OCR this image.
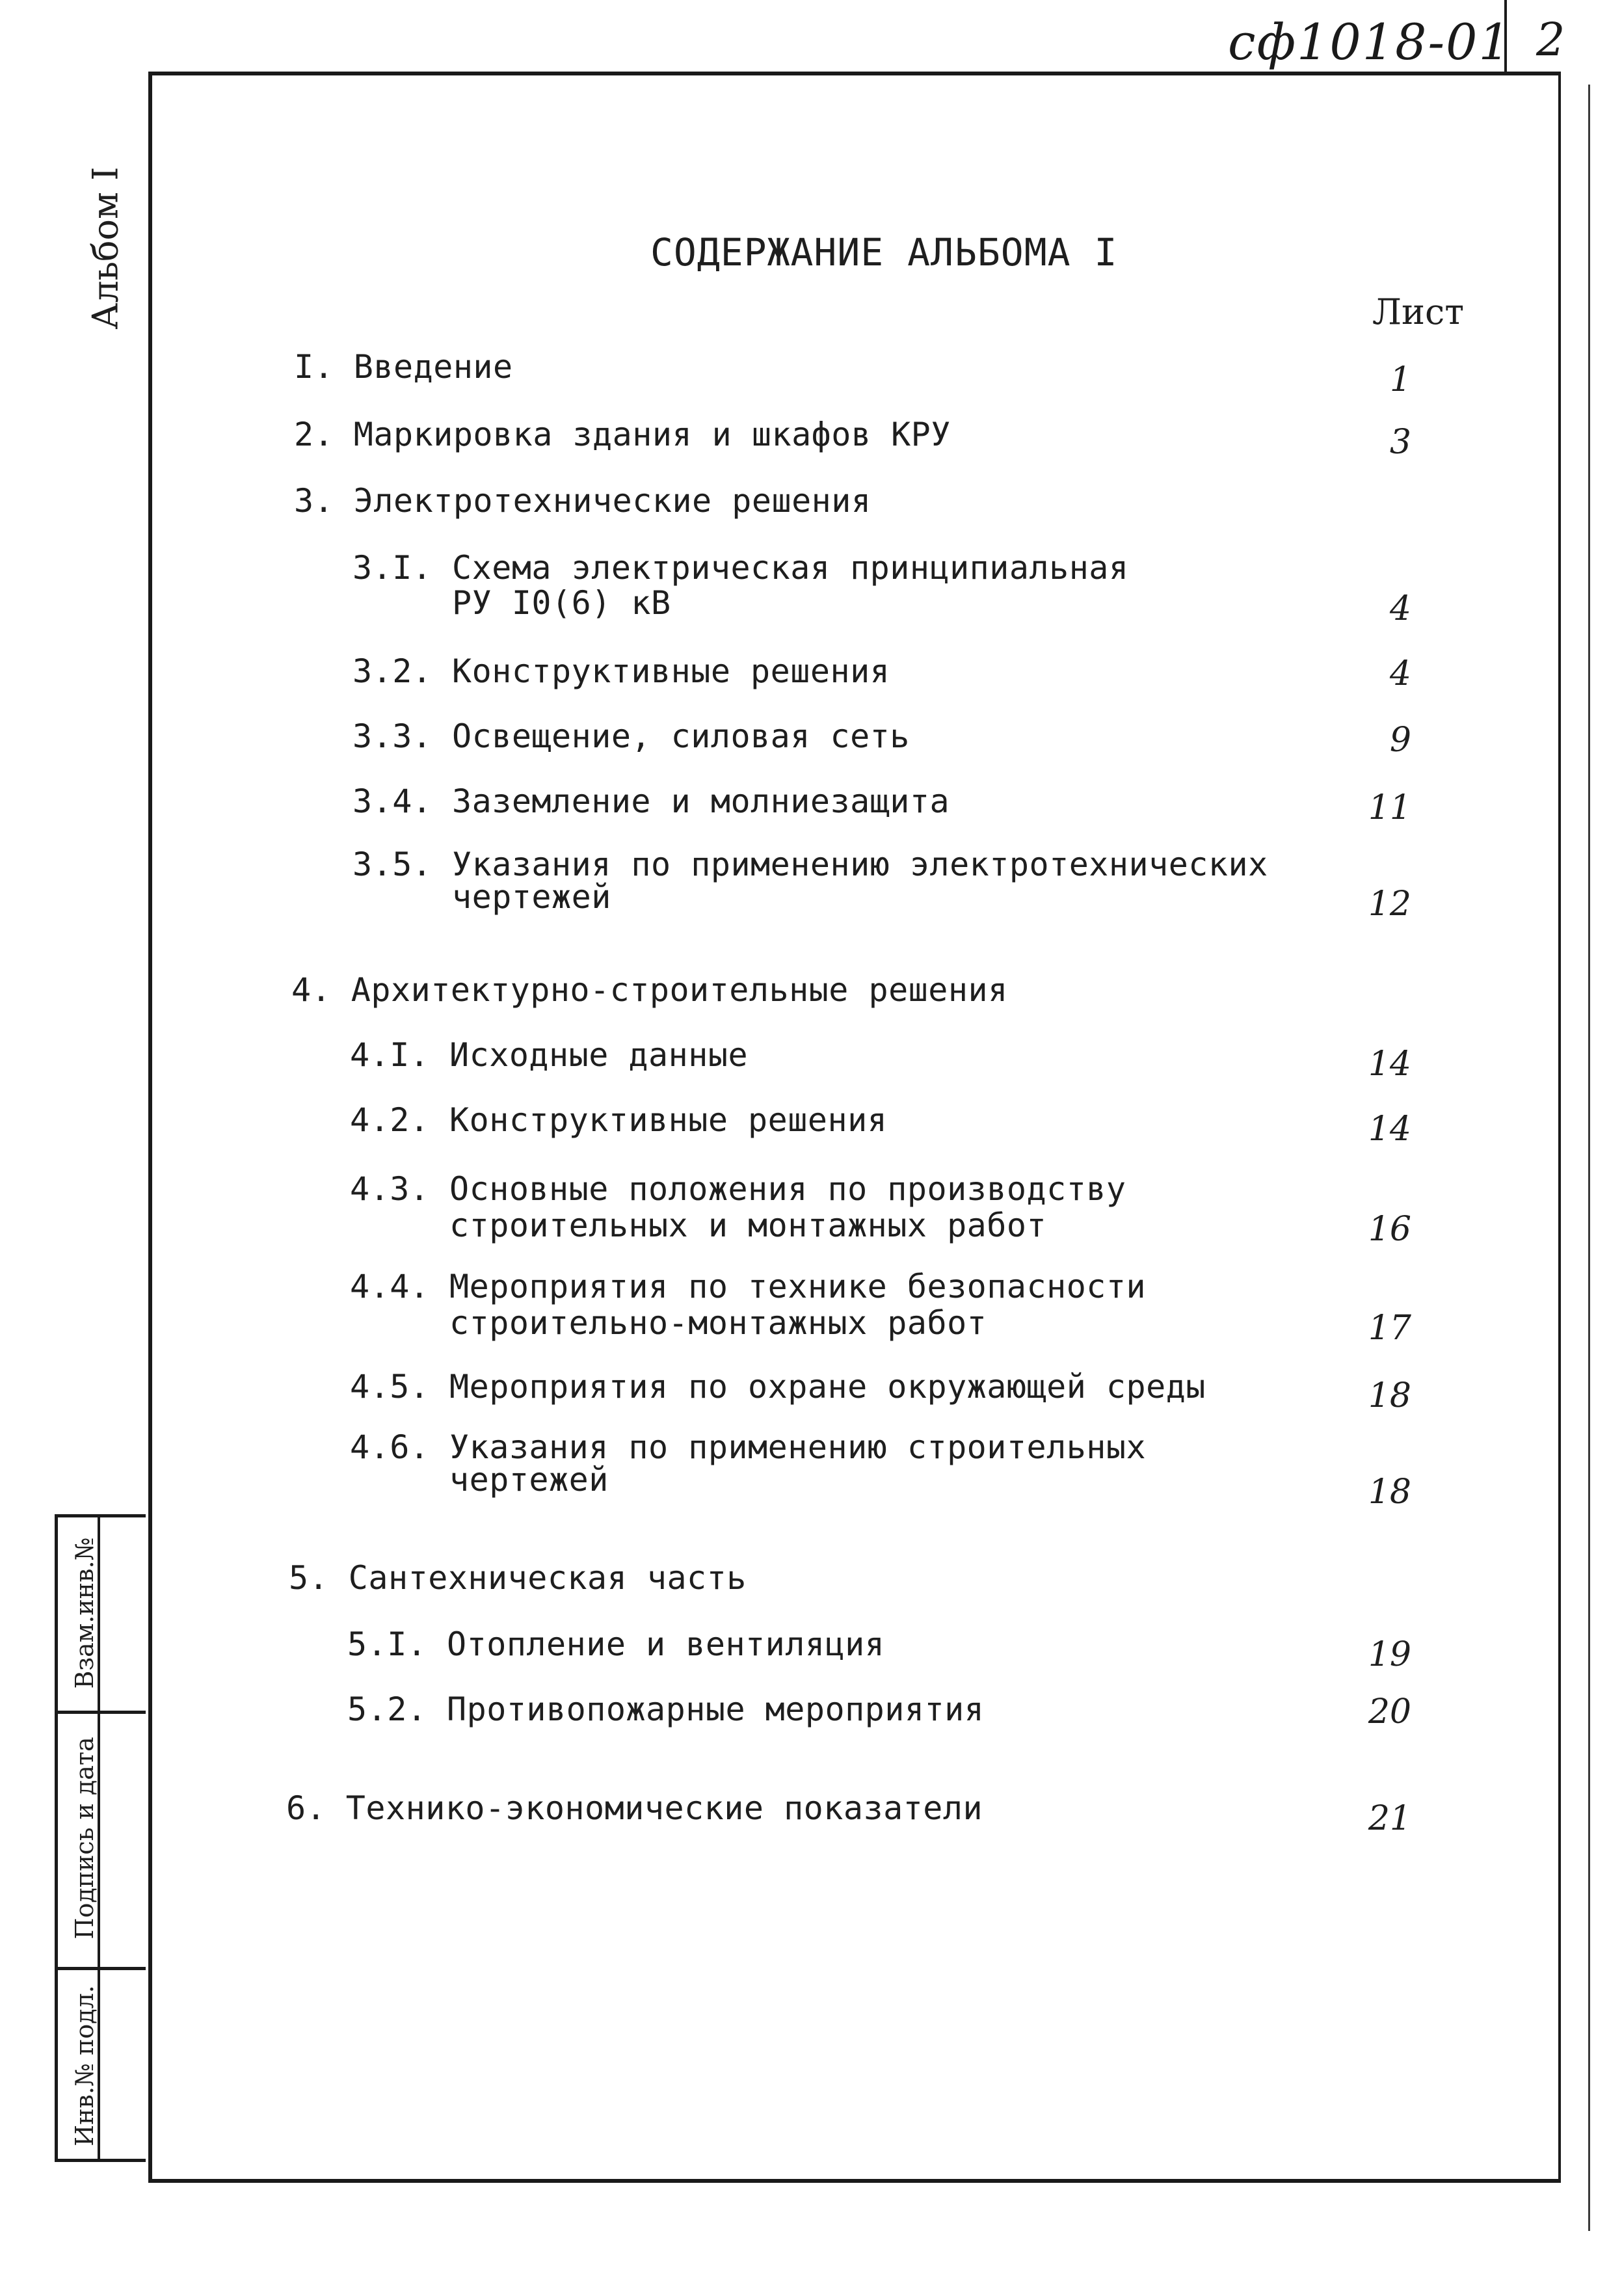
сф1018-01 2
Альбом I
Взам.инв.№
Подпись и дата
Инв.№ подл.
СОДЕРЖАНИЕ АЛЬБОМА I
Лист
I. Введение	1
2. Маркировка здания и шкафов КРУ	3
3. Электротехнические решения
3.I. Схема электрическая принципиальная
РУ I0(6) кВ	4
3.2. Конструктивные решения	4
3.3. Освещение, силовая сеть	9
3.4. Заземление и молниезащита	11
3.5. Указания по применению электротехнических
чертежей	12
4. Архитектурно-строительные решения
4.I. Исходные данные	14
4.2. Конструктивные решения	14
4.3. Основные положения по производству
строительных и монтажных работ	16
4.4. Мероприятия по технике безопасности
строительно-монтажных работ	17
4.5. Мероприятия по охране окружающей среды	18
4.6. Указания по применению строительных
чертежей	18
5. Сантехническая часть
5.I. Отопление и вентиляция	19
5.2. Противопожарные мероприятия	20
6. Технико-экономические показатели	21
